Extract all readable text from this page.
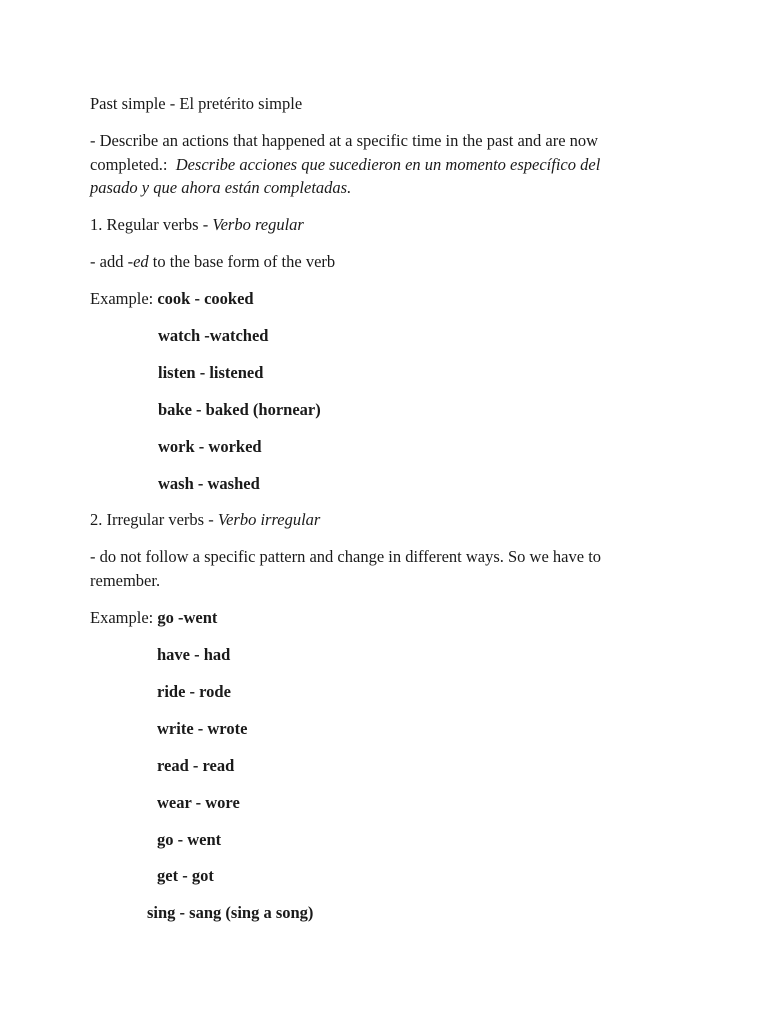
Past simple - El pretérito simple
- Describe an actions that happened at a specific time in the past and are now completed.: Describe acciones que sucedieron en un momento específico del pasado y que ahora están completadas.
1. Regular verbs - Verbo regular
- add -ed to the base form of the verb
Example: cook - cooked
watch -watched
listen - listened
bake - baked (hornear)
work - worked
wash - washed
2. Irregular verbs - Verbo irregular
- do not follow a specific pattern and change in different ways. So we have to remember.
Example: go -went
have - had
ride - rode
write - wrote
read - read
wear - wore
go - went
get - got
sing - sang (sing a song)
